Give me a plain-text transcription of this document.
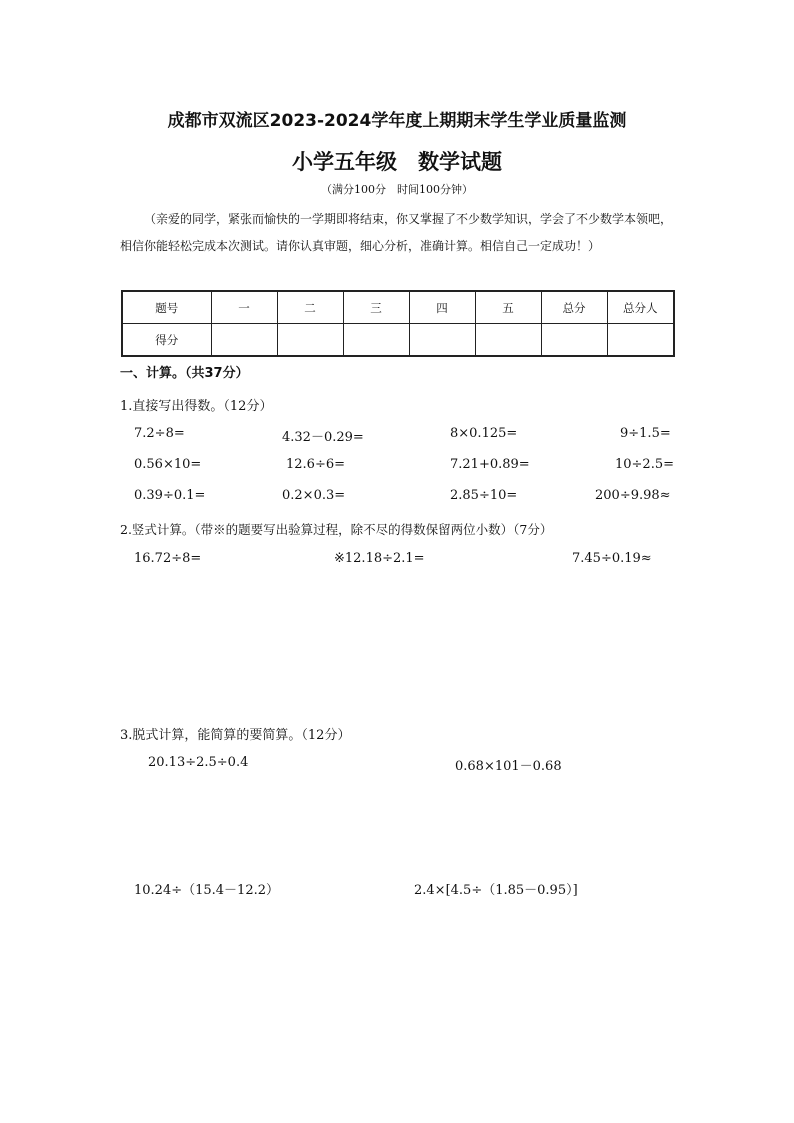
成都市双流区2023-2024学年度上期期末学生学业质量监测
小学五年级　数学试题
（满分100分　时间100分钟）
（亲爱的同学，紧张而愉快的一学期即将结束，你又掌握了不少数学知识，学会了不少数学本领吧，相信你能轻松完成本次测试。请你认真审题，细心分析，准确计算。相信自己一定成功！）
题号	一	二	三	四	五	总分	总分人
得分							
一、计算。（共37分）
1.直接写出得数。（12分）
7.2÷8=	4.32－0.29=	8×0.125=	9÷1.5=
0.56×10=	12.6÷6=	7.21+0.89=	10÷2.5=
0.39÷0.1=	0.2×0.3=	2.85÷10=	200÷9.98≈
2.竖式计算。（带※的题要写出验算过程，除不尽的得数保留两位小数）（7分）
16.72÷8=	※12.18÷2.1=	7.45÷0.19≈
3.脱式计算，能简算的要简算。（12分）
20.13÷2.5÷0.4	0.68×101－0.68
10.24÷（15.4－12.2）	2.4×[4.5÷（1.85－0.95）]
